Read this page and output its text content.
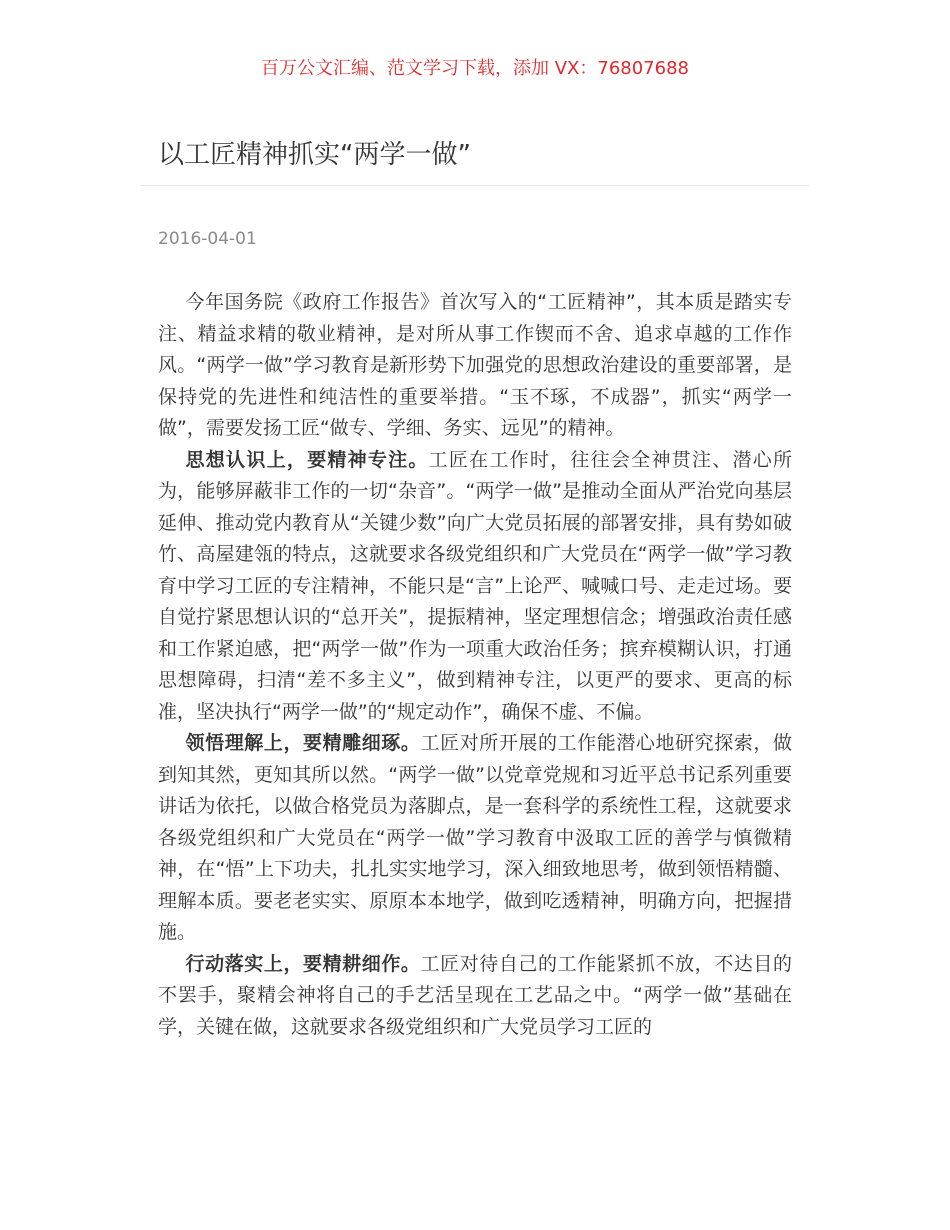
百万公文汇编、范文学习下载，添加 VX：76807688

以工匠精神抓实“两学一做”

2016-04-01

今年国务院《政府工作报告》首次写入的“工匠精神”，其本质是踏实专注、精益求精的敬业精神，是对所从事工作锲而不舍、追求卓越的工作作风。“两学一做”学习教育是新形势下加强党的思想政治建设的重要部署，是保持党的先进性和纯洁性的重要举措。“玉不琢，不成器”，抓实“两学一做”，需要发扬工匠“做专、学细、务实、远见”的精神。

思想认识上，要精神专注。工匠在工作时，往往会全神贯注、潜心所为，能够屏蔽非工作的一切“杂音”。“两学一做”是推动全面从严治党向基层延伸、推动党内教育从“关键少数”向广大党员拓展的部署安排，具有势如破竹、高屋建瓴的特点，这就要求各级党组织和广大党员在“两学一做”学习教育中学习工匠的专注精神，不能只是“言”上论严、喊喊口号、走走过场。要自觉拧紧思想认识的“总开关”，提振精神，坚定理想信念；增强政治责任感和工作紧迫感，把“两学一做”作为一项重大政治任务；摈弃模糊认识，打通思想障碍，扫清“差不多主义”，做到精神专注，以更严的要求、更高的标准，坚决执行“两学一做”的“规定动作”，确保不虚、不偏。

领悟理解上，要精雕细琢。工匠对所开展的工作能潜心地研究探索，做到知其然，更知其所以然。“两学一做”以党章党规和习近平总书记系列重要讲话为依托，以做合格党员为落脚点，是一套科学的系统性工程，这就要求各级党组织和广大党员在“两学一做”学习教育中汲取工匠的善学与慎微精神，在“悟”上下功夫，扎扎实实地学习，深入细致地思考，做到领悟精髓、理解本质。要老老实实、原原本本地学，做到吃透精神，明确方向，把握措施。

行动落实上，要精耕细作。工匠对待自己的工作能紧抓不放，不达目的不罢手，聚精会神将自己的手艺活呈现在工艺品之中。“两学一做”基础在学，关键在做，这就要求各级党组织和广大党员学习工匠的
